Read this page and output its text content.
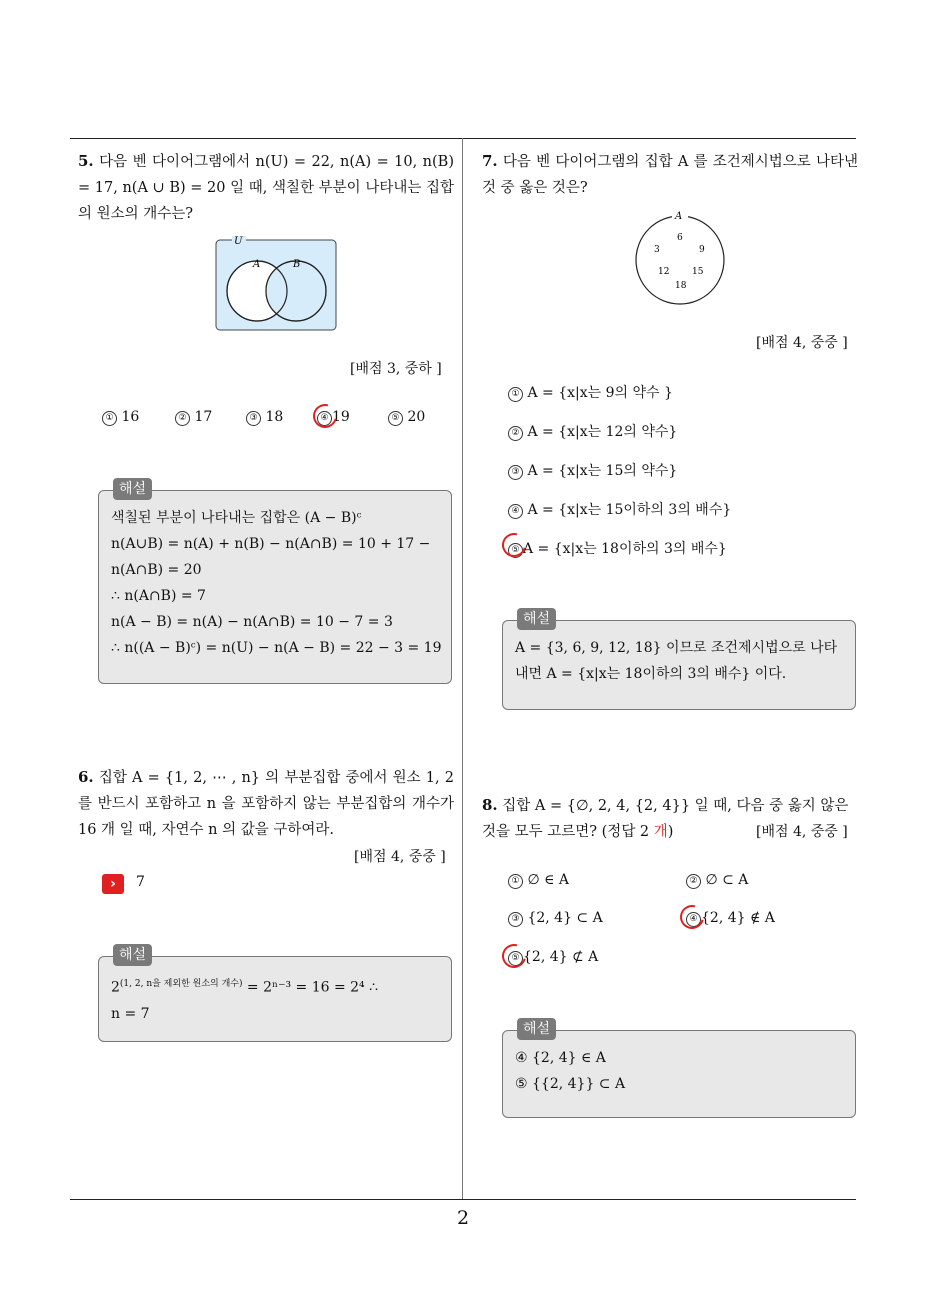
5. 다음 벤 다이어그램에서 n(U) = 22, n(A) = 10, n(B) = 17, n(A ∪ B) = 20 일 때, 색칠한 부분이 나타내는 집합의 원소의 개수는?

U
A	B
[배점 3, 중하 ]
① 16	② 17	③ 18	④ 19	⑤ 20
해설
색칠된 부분이 나타내는 집합은 (A − B)ᶜ
n(A∪B) = n(A) + n(B) − n(A∩B) = 10 + 17 −
n(A∩B) = 20
∴ n(A∩B) = 7
n(A − B) = n(A) − n(A∩B) = 10 − 7 = 3
∴ n((A − B)ᶜ) = n(U) − n(A − B) = 22 − 3 = 19

6. 집합 A = {1, 2, ⋯ , n} 의 부분집합 중에서 원소 1, 2 를 반드시 포함하고 n 을 포함하지 않는 부분집합의 개수가 16 개 일 때, 자연수 n 의 값을 구하여라.

[배점 4, 중중 ]
›	7
해설
$2^{(1, 2, n을 제외한 원소의 개수)} = 2^{n-3} = 16 = 2^4$ ∴
n = 7

7. 다음 벤 다이어그램의 집합 A 를 조건제시법으로 나타낸 것 중 옳은 것은?

A
3
6
9
12	15
18
[배점 4, 중중 ]
① A = {x|x는 9의 약수 }
② A = {x|x는 12의 약수}
③ A = {x|x는 15의 약수}
④ A = {x|x는 15이하의 3의 배수}
⑤ A = {x|x는 18이하의 3의 배수}
해설
A = {3, 6, 9, 12, 18} 이므로 조건제시법으로 나타
내면 A = {x|x는 18이하의 3의 배수} 이다.

8. 집합 A = {∅, 2, 4, {2, 4}} 일 때, 다음 중 옳지 않은 것을 모두 고르면? (정답 2 개)	[배점 4, 중중 ]
① ∅ ∈ A	② ∅ ⊂ A
③ {2, 4} ⊂ A	④ {2, 4} ∉ A
⑤ {2, 4} ⊄ A
해설
④ {2, 4} ∈ A
⑤ {{2, 4}} ⊂ A
2
